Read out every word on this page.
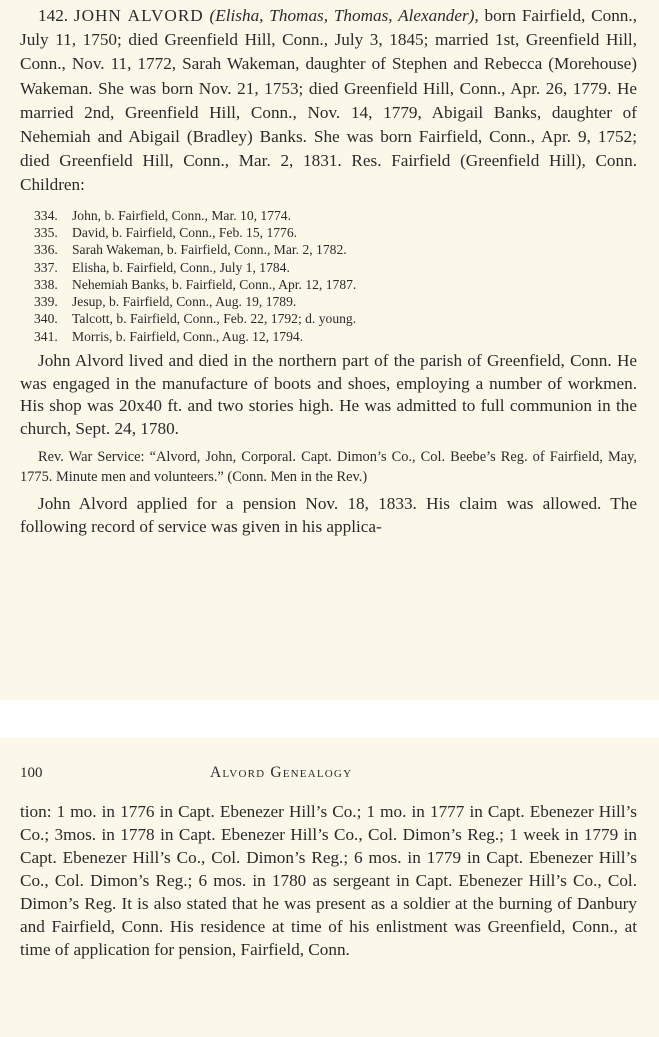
142. JOHN ALVORD (Elisha, Thomas, Thomas, Alexander), born Fairfield, Conn., July 11, 1750; died Greenfield Hill, Conn., July 3, 1845; married 1st, Greenfield Hill, Conn., Nov. 11, 1772, Sarah Wakeman, daughter of Stephen and Rebecca (Morehouse) Wakeman. She was born Nov. 21, 1753; died Greenfield Hill, Conn., Apr. 26, 1779. He married 2nd, Greenfield Hill, Conn., Nov. 14, 1779, Abigail Banks, daughter of Nehemiah and Abigail (Bradley) Banks. She was born Fairfield, Conn., Apr. 9, 1752; died Greenfield Hill, Conn., Mar. 2, 1831. Res. Fairfield (Greenfield Hill), Conn. Children:

334.	John, b. Fairfield, Conn., Mar. 10, 1774.
335.	David, b. Fairfield, Conn., Feb. 15, 1776.
336.	Sarah Wakeman, b. Fairfield, Conn., Mar. 2, 1782.
337.	Elisha, b. Fairfield, Conn., July 1, 1784.
338.	Nehemiah Banks, b. Fairfield, Conn., Apr. 12, 1787.
339.	Jesup, b. Fairfield, Conn., Aug. 19, 1789.
340.	Talcott, b. Fairfield, Conn., Feb. 22, 1792; d. young.
341.	Morris, b. Fairfield, Conn., Aug. 12, 1794.

John Alvord lived and died in the northern part of the parish of Greenfield, Conn. He was engaged in the manufacture of boots and shoes, employing a number of workmen. His shop was 20x40 ft. and two stories high. He was admitted to full communion in the church, Sept. 24, 1780.

Rev. War Service: “Alvord, John, Corporal. Capt. Dimon’s Co., Col. Beebe’s Reg. of Fairfield, May, 1775. Minute men and volunteers.” (Conn. Men in the Rev.)

John Alvord applied for a pension Nov. 18, 1833. His claim was allowed. The following record of service was given in his applica-

100	Alvord Genealogy

tion: 1 mo. in 1776 in Capt. Ebenezer Hill’s Co.; 1 mo. in 1777 in Capt. Ebenezer Hill’s Co.; 3mos. in 1778 in Capt. Ebenezer Hill’s Co., Col. Dimon’s Reg.; 1 week in 1779 in Capt. Ebenezer Hill’s Co., Col. Dimon’s Reg.; 6 mos. in 1779 in Capt. Ebenezer Hill’s Co., Col. Dimon’s Reg.; 6 mos. in 1780 as sergeant in Capt. Ebenezer Hill’s Co., Col. Dimon’s Reg. It is also stated that he was present as a soldier at the burning of Danbury and Fairfield, Conn. His residence at time of his enlistment was Greenfield, Conn., at time of application for pension, Fairfield, Conn.
